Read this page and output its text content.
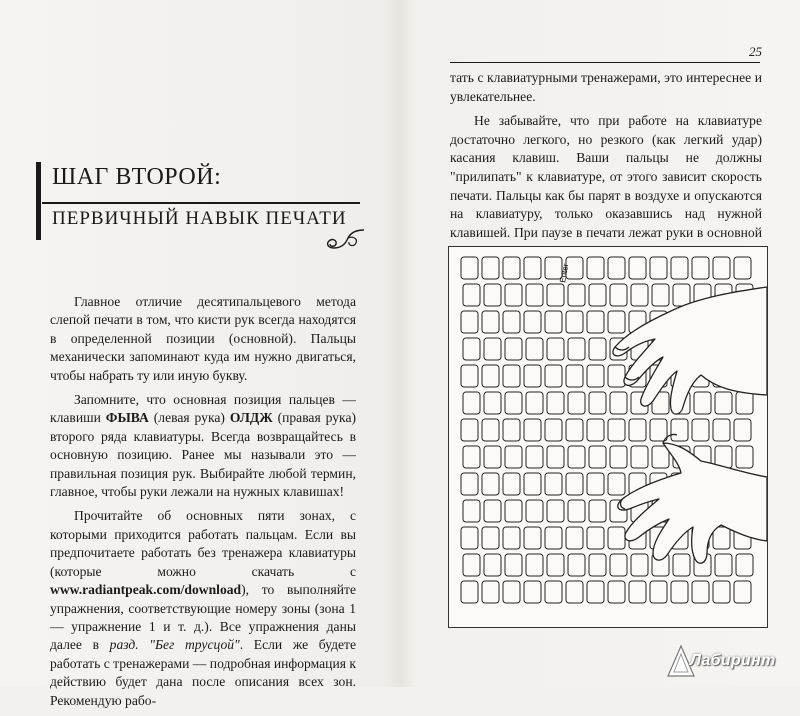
ШАГ ВТОРОЙ:
ПЕРВИЧНЫЙ НАВЫК ПЕЧАТИ

Главное отличие десятипальцевого метода слепой печати в том, что кисти рук всегда находятся в определенной позиции (основной). Пальцы механически запоминают куда им нужно двигаться, чтобы набрать ту или иную букву.

Запомните, что основная позиция пальцев — клавиши ФЫВА (левая рука) ОЛДЖ (правая рука) второго ряда клавиатуры. Всегда возвращайтесь в основную позицию. Ранее мы называли это — правильная позиция рук. Выбирайте любой термин, главное, чтобы руки лежали на нужных клавишах!

Прочитайте об основных пяти зонах, с которыми приходится работать пальцам. Если вы предпочитаете работать без тренажера клавиатуры (которые можно скачать с www.radiantpeak.com/download), то выполняйте упражнения, соответствующие номеру зоны (зона 1 — упражнение 1 и т. д.). Все упражнения даны далее в разд. "Бег трусцой". Если же будете работать с тренажерами — подробная информация к действию будет дана после описания всех зон. Рекомендую рабо-

25

тать с клавиатурными тренажерами, это интереснее и увлекательнее.

Не забывайте, что при работе на клавиатуре достаточно легкого, но резкого (как легкий удар) касания клавиш. Ваши пальцы не должны "прилипать" к клавиатуре, от этого зависит скорость печати. Пальцы как бы парят в воздухе и опускаются на клавиатуру, только оказавшись над нужной клавишей. При паузе в печати лежат руки в основной

Enter
Лабиринт
